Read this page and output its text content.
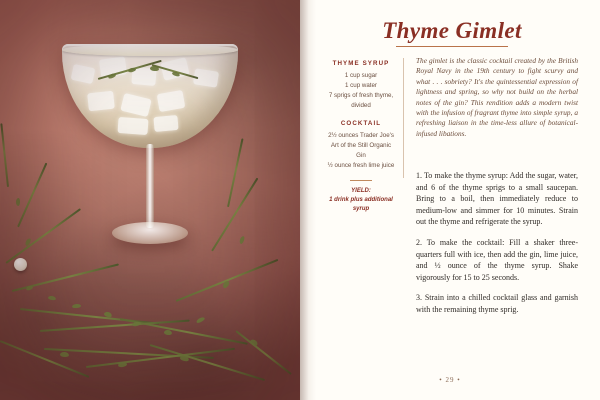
Thyme Gimlet
THYME SYRUP
1 cup sugar
1 cup water
7 sprigs of fresh thyme, divided
COCKTAIL
2½ ounces Trader Joe's Art of the Still Organic Gin
½ ounce fresh lime juice
YIELD:
1 drink plus additional syrup
The gimlet is the classic cocktail created by the British Royal Navy in the 19th century to fight scurvy and what . . . sobriety? It's the quintessential expression of lightness and spring, so why not build on the herbal notes of the gin? This rendition adds a modern twist with the infusion of fragrant thyme into simple syrup, a refreshing liaison in the time-less allure of botanical-infused libations.
1. To make the thyme syrup: Add the sugar, water, and 6 of the thyme sprigs to a small saucepan. Bring to a boil, then immediately reduce to medium-low and simmer for 10 minutes. Strain out the thyme and refrigerate the syrup.
2. To make the cocktail: Fill a shaker three-quarters full with ice, then add the gin, lime juice, and ½ ounce of the thyme syrup. Shake vigorously for 15 to 25 seconds.
3. Strain into a chilled cocktail glass and garnish with the remaining thyme sprig.
• 29 •
